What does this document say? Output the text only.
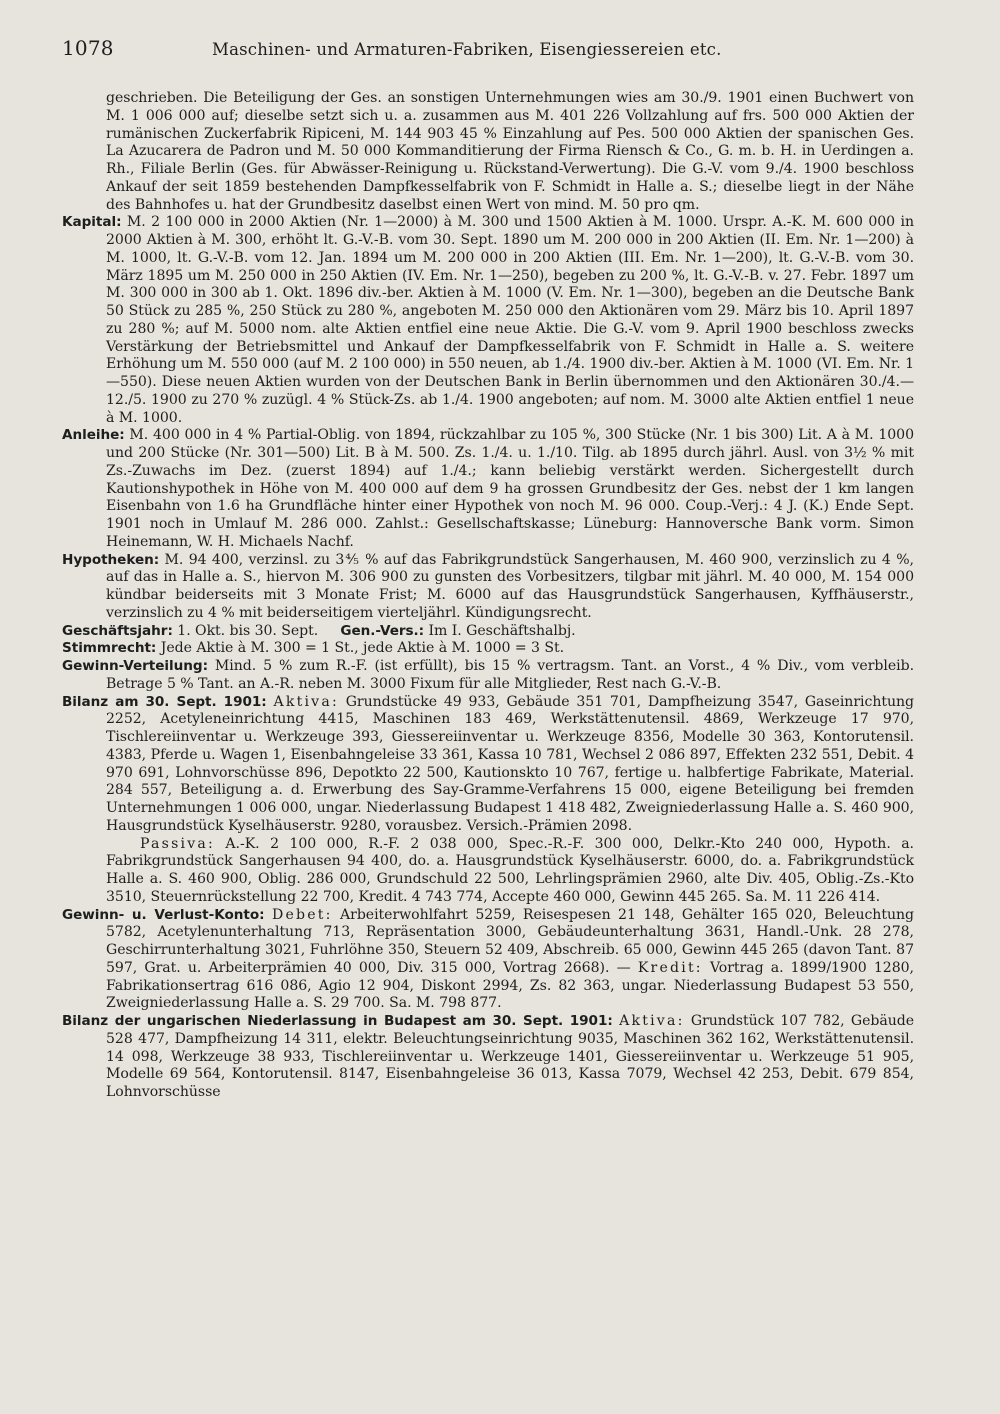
1078	Maschinen- und Armaturen-Fabriken, Eisengiessereien etc.

geschrieben. Die Beteiligung der Ges. an sonstigen Unternehmungen wies am 30./9. 1901 einen Buchwert von M. 1 006 000 auf; dieselbe setzt sich u. a. zusammen aus M. 401 226 Vollzahlung auf frs. 500 000 Aktien der rumänischen Zuckerfabrik Ripiceni, M. 144 903 45 % Einzahlung auf Pes. 500 000 Aktien der spanischen Ges. La Azucarera de Padron und M. 50 000 Kommanditierung der Firma Riensch & Co., G. m. b. H. in Uerdingen a. Rh., Filiale Berlin (Ges. für Abwässer-Reinigung u. Rückstand-Verwertung). Die G.-V. vom 9./4. 1900 beschloss Ankauf der seit 1859 bestehenden Dampfkesselfabrik von F. Schmidt in Halle a. S.; dieselbe liegt in der Nähe des Bahnhofes u. hat der Grundbesitz daselbst einen Wert von mind. M. 50 pro qm.

Kapital: M. 2 100 000 in 2000 Aktien (Nr. 1—2000) à M. 300 und 1500 Aktien à M. 1000. Urspr. A.-K. M. 600 000 in 2000 Aktien à M. 300, erhöht lt. G.-V.-B. vom 30. Sept. 1890 um M. 200 000 in 200 Aktien (II. Em. Nr. 1—200) à M. 1000, lt. G.-V.-B. vom 12. Jan. 1894 um M. 200 000 in 200 Aktien (III. Em. Nr. 1—200), lt. G.-V.-B. vom 30. März 1895 um M. 250 000 in 250 Aktien (IV. Em. Nr. 1—250), begeben zu 200 %, lt. G.-V.-B. v. 27. Febr. 1897 um M. 300 000 in 300 ab 1. Okt. 1896 div.-ber. Aktien à M. 1000 (V. Em. Nr. 1—300), begeben an die Deutsche Bank 50 Stück zu 285 %, 250 Stück zu 280 %, angeboten M. 250 000 den Aktionären vom 29. März bis 10. April 1897 zu 280 %; auf M. 5000 nom. alte Aktien entfiel eine neue Aktie. Die G.-V. vom 9. April 1900 beschloss zwecks Verstärkung der Betriebsmittel und Ankauf der Dampfkesselfabrik von F. Schmidt in Halle a. S. weitere Erhöhung um M. 550 000 (auf M. 2 100 000) in 550 neuen, ab 1./4. 1900 div.-ber. Aktien à M. 1000 (VI. Em. Nr. 1—550). Diese neuen Aktien wurden von der Deutschen Bank in Berlin übernommen und den Aktionären 30./4.—12./5. 1900 zu 270 % zuzügl. 4 % Stück-Zs. ab 1./4. 1900 angeboten; auf nom. M. 3000 alte Aktien entfiel 1 neue à M. 1000.

Anleihe: M. 400 000 in 4 % Partial-Oblig. von 1894, rückzahlbar zu 105 %, 300 Stücke (Nr. 1 bis 300) Lit. A à M. 1000 und 200 Stücke (Nr. 301—500) Lit. B à M. 500. Zs. 1./4. u. 1./10. Tilg. ab 1895 durch jährl. Ausl. von 3½ % mit Zs.-Zuwachs im Dez. (zuerst 1894) auf 1./4.; kann beliebig verstärkt werden. Sichergestellt durch Kautionshypothek in Höhe von M. 400 000 auf dem 9 ha grossen Grundbesitz der Ges. nebst der 1 km langen Eisenbahn von 1.6 ha Grundfläche hinter einer Hypothek von noch M. 96 000. Coup.-Verj.: 4 J. (K.) Ende Sept. 1901 noch in Umlauf M. 286 000. Zahlst.: Gesellschaftskasse; Lüneburg: Hannoversche Bank vorm. Simon Heinemann, W. H. Michaels Nachf.

Hypotheken: M. 94 400, verzinsl. zu 3⅘ % auf das Fabrikgrundstück Sangerhausen, M. 460 900, verzinslich zu 4 %, auf das in Halle a. S., hiervon M. 306 900 zu gunsten des Vorbesitzers, tilgbar mit jährl. M. 40 000, M. 154 000 kündbar beiderseits mit 3 Monate Frist; M. 6000 auf das Hausgrundstück Sangerhausen, Kyffhäuserstr., verzinslich zu 4 % mit beiderseitigem vierteljährl. Kündigungsrecht.

Geschäftsjahr: 1. Okt. bis 30. Sept. Gen.-Vers.: Im I. Geschäftshalbj.

Stimmrecht: Jede Aktie à M. 300 = 1 St., jede Aktie à M. 1000 = 3 St.

Gewinn-Verteilung: Mind. 5 % zum R.-F. (ist erfüllt), bis 15 % vertragsm. Tant. an Vorst., 4 % Div., vom verbleib. Betrage 5 % Tant. an A.-R. neben M. 3000 Fixum für alle Mitglieder, Rest nach G.-V.-B.

Bilanz am 30. Sept. 1901: Aktiva: Grundstücke 49 933, Gebäude 351 701, Dampfheizung 3547, Gaseinrichtung 2252, Acetyleneinrichtung 4415, Maschinen 183 469, Werkstättenutensil. 4869, Werkzeuge 17 970, Tischlereiinventar u. Werkzeuge 393, Giessereiinventar u. Werkzeuge 8356, Modelle 30 363, Kontorutensil. 4383, Pferde u. Wagen 1, Eisenbahngeleise 33 361, Kassa 10 781, Wechsel 2 086 897, Effekten 232 551, Debit. 4 970 691, Lohnvorschüsse 896, Depotkto 22 500, Kautionskto 10 767, fertige u. halbfertige Fabrikate, Material. 284 557, Beteiligung a. d. Erwerbung des Say-Gramme-Verfahrens 15 000, eigene Beteiligung bei fremden Unternehmungen 1 006 000, ungar. Niederlassung Budapest 1 418 482, Zweigniederlassung Halle a. S. 460 900, Hausgrundstück Kyselhäuserstr. 9280, vorausbez. Versich.-Prämien 2098.

Passiva: A.-K. 2 100 000, R.-F. 2 038 000, Spec.-R.-F. 300 000, Delkr.-Kto 240 000, Hypoth. a. Fabrikgrundstück Sangerhausen 94 400, do. a. Hausgrundstück Kyselhäuserstr. 6000, do. a. Fabrikgrundstück Halle a. S. 460 900, Oblig. 286 000, Grundschuld 22 500, Lehrlingsprämien 2960, alte Div. 405, Oblig.-Zs.-Kto 3510, Steuernrückstellung 22 700, Kredit. 4 743 774, Accepte 460 000, Gewinn 445 265. Sa. M. 11 226 414.

Gewinn- u. Verlust-Konto: Debet: Arbeiterwohlfahrt 5259, Reisespesen 21 148, Gehälter 165 020, Beleuchtung 5782, Acetylenunterhaltung 713, Repräsentation 3000, Gebäudeunterhaltung 3631, Handl.-Unk. 28 278, Geschirrunterhaltung 3021, Fuhrlöhne 350, Steuern 52 409, Abschreib. 65 000, Gewinn 445 265 (davon Tant. 87 597, Grat. u. Arbeiterprämien 40 000, Div. 315 000, Vortrag 2668). — Kredit: Vortrag a. 1899/1900 1280, Fabrikationsertrag 616 086, Agio 12 904, Diskont 2994, Zs. 82 363, ungar. Niederlassung Budapest 53 550, Zweigniederlassung Halle a. S. 29 700. Sa. M. 798 877.

Bilanz der ungarischen Niederlassung in Budapest am 30. Sept. 1901: Aktiva: Grundstück 107 782, Gebäude 528 477, Dampfheizung 14 311, elektr. Beleuchtungseinrichtung 9035, Maschinen 362 162, Werkstättenutensil. 14 098, Werkzeuge 38 933, Tischlereiinventar u. Werkzeuge 1401, Giessereiinventar u. Werkzeuge 51 905, Modelle 69 564, Kontorutensil. 8147, Eisenbahngeleise 36 013, Kassa 7079, Wechsel 42 253, Debit. 679 854, Lohnvorschüsse
